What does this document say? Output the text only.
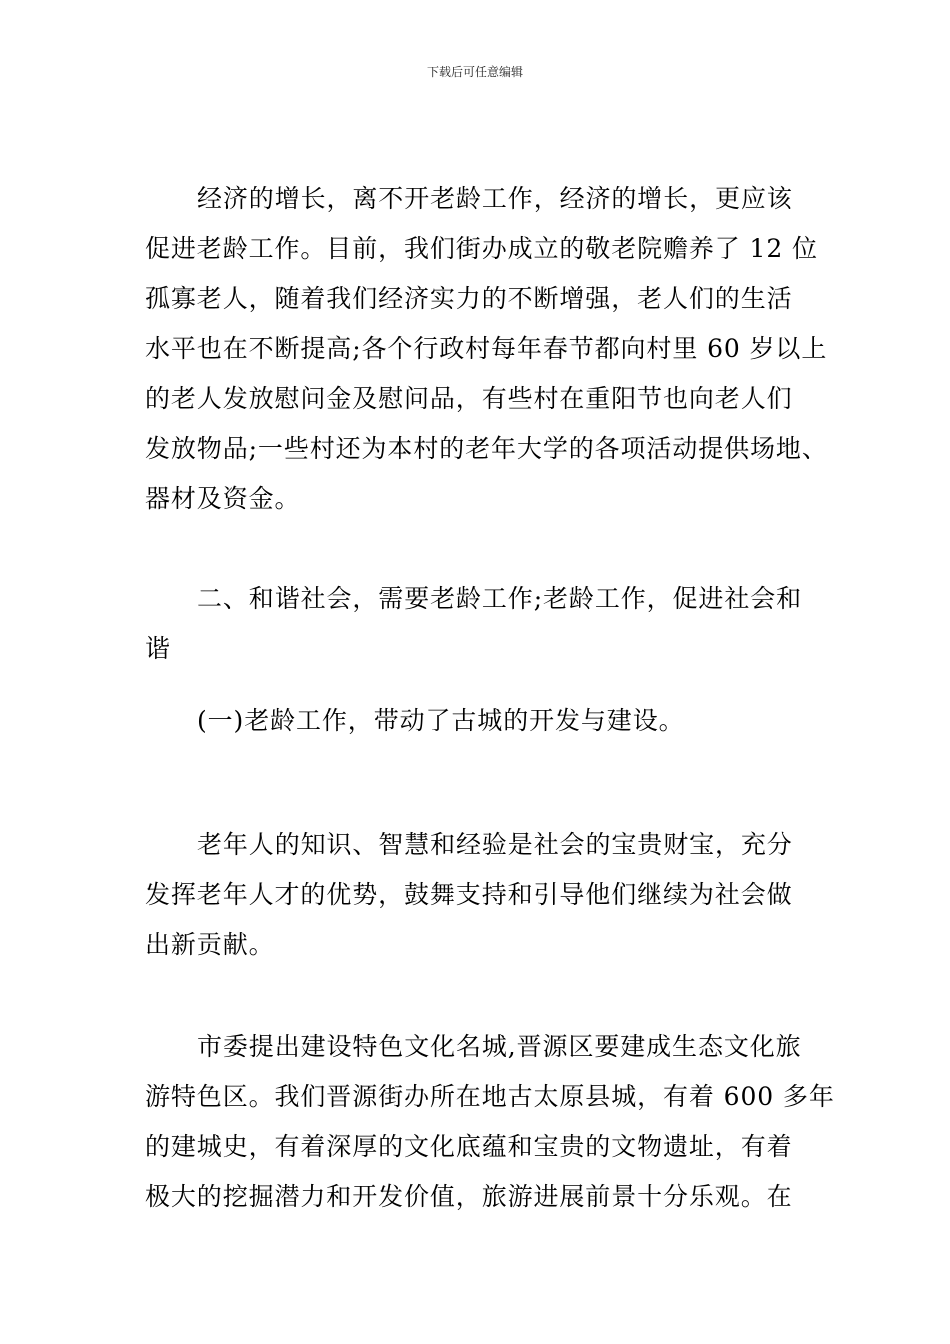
下载后可任意编辑
经济的增长，离不开老龄工作，经济的增长，更应该
促进老龄工作。目前，我们街办成立的敬老院赡养了 12 位
孤寡老人，随着我们经济实力的不断增强，老人们的生活
水平也在不断提高;各个行政村每年春节都向村里 60 岁以上
的老人发放慰问金及慰问品，有些村在重阳节也向老人们
发放物品;一些村还为本村的老年大学的各项活动提供场地、
器材及资金。
二、和谐社会，需要老龄工作;老龄工作，促进社会和
谐
(一)老龄工作，带动了古城的开发与建设。
老年人的知识、智慧和经验是社会的宝贵财宝，充分
发挥老年人才的优势，鼓舞支持和引导他们继续为社会做
出新贡献。
市委提出建设特色文化名城,晋源区要建成生态文化旅
游特色区。我们晋源街办所在地古太原县城，有着 600 多年
的建城史，有着深厚的文化底蕴和宝贵的文物遗址，有着
极大的挖掘潜力和开发价值，旅游进展前景十分乐观。在
